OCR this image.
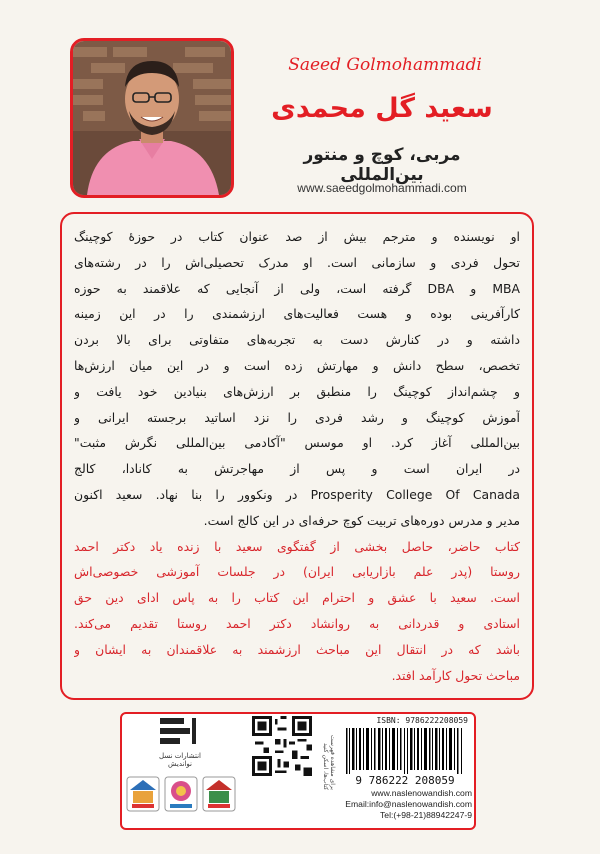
Saeed Golmohammadi
سعید گل محمدی
مربی، کوچ و منتور بین‌المللی
www.saeedgolmohammadi.com
او نویسنده و مترجم بیش از صد عنوان کتاب در حوزهٔ کوچینگ
تحول فردی و سازمانی است. او مدرک تحصیلی‌اش را در رشته‌های
MBA و DBA گرفته است، ولی از آنجایی که علاقمند به حوزه
کارآفرینی بوده و هست فعالیت‌های ارزشمندی را در این زمینه
داشته و در کنارش دست به تجربه‌های متفاوتی برای بالا بردن
تخصص، سطح دانش و مهارتش زده است و در این میان ارزش‌ها
و چشم‌انداز کوچینگ را منطبق بر ارزش‌های بنیادین خود یافت و
آموزش کوچینگ و رشد فردی را نزد اساتید برجسته ایرانی و
بین‌المللی آغاز کرد. او موسس "آکادمی بین‌المللی نگرش مثبت"
در ایران است و پس از مهاجرتش به کانادا، کالج
Prosperity College Of Canada در ونکوور را بنا نهاد. سعید اکنون
مدیر و مدرس دوره‌های تربیت کوچ حرفه‌ای در این کالج است.
کتاب حاضر، حاصل بخشی از گفتگوی سعید با زنده یاد دکتر احمد
روستا (پدر علم بازاریابی ایران) در جلسات آموزشی خصوصی‌اش
است. سعید با عشق و احترام این کتاب را به پاس ادای دین حق
استادی و قدردانی به روانشاد دکتر احمد روستا تقدیم می‌کند.
باشد که در انتقال این مباحث ارزشمند به علاقمندان به ایشان و
مباحث تحول کارآمد افتد.
انتشارات نسل نواندیش	برای مشاهده فهرست کتاب‌ها، اسکن کنید
ISBN: 9786222208059
9 786222 208059
www.naslenowandish.com
Email:info@naslenowandish.com
Tel:(+98-21)88942247-9
